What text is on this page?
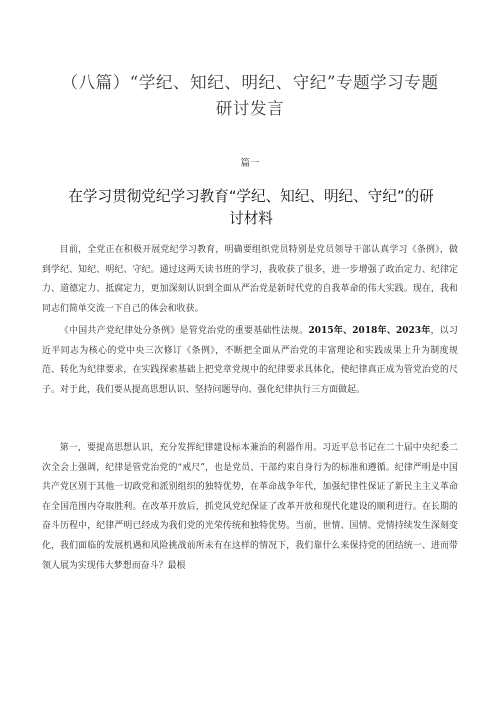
（八篇）“学纪、知纪、明纪、守纪”专题学习专题研讨发言
篇一
在学习贯彻党纪学习教育“学纪、知纪、明纪、守纪”的研讨材料

目前，全党正在积极开展党纪学习教育，明确要组织党员特别是党员领导干部认真学习《条例》，做到学纪、知纪、明纪、守纪。通过这两天读书班的学习，我收获了很多，进一步增强了政治定力、纪律定力、道德定力、抵腐定力，更加深刻认识到全面从严治党是新时代党的自我革命的伟大实践。现在，我和同志们简单交流一下自己的体会和收获。

《中国共产党纪律处分条例》是管党治党的重要基础性法规。2015年、2018年、2023年，以习近平同志为核心的党中央三次修订《条例》，不断把全面从严治党的丰富理论和实践成果上升为制度规范、转化为纪律要求，在实践探索基础上把党章党规中的纪律要求具体化，使纪律真正成为管党治党的尺子。对于此，我们要从提高思想认识、坚持问题导向、强化纪律执行三方面做起。

第一，要提高思想认识，充分发挥纪律建设标本兼治的利器作用。习近平总书记在二十届中央纪委二次全会上强调，纪律是管党治党的“戒尺”，也是党员、干部约束自身行为的标准和遵循。纪律严明是中国共产党区别于其他一切政党和派别组织的独特优势，在革命战争年代，加强纪律性保证了新民主主义革命在全国范围内夺取胜利。在改革开放后，抓党风党纪保证了改革开放和现代化建设的顺利进行。在长期的奋斗历程中，纪律严明已经成为我们党的光荣传统和独特优势。当前，世情、国情、党情持续发生深刻变化，我们面临的发展机遇和风险挑战前所未有在这样的情况下，我们靠什么来保持党的团结统一、进而带领人展为实现伟大梦想而奋斗？最根
